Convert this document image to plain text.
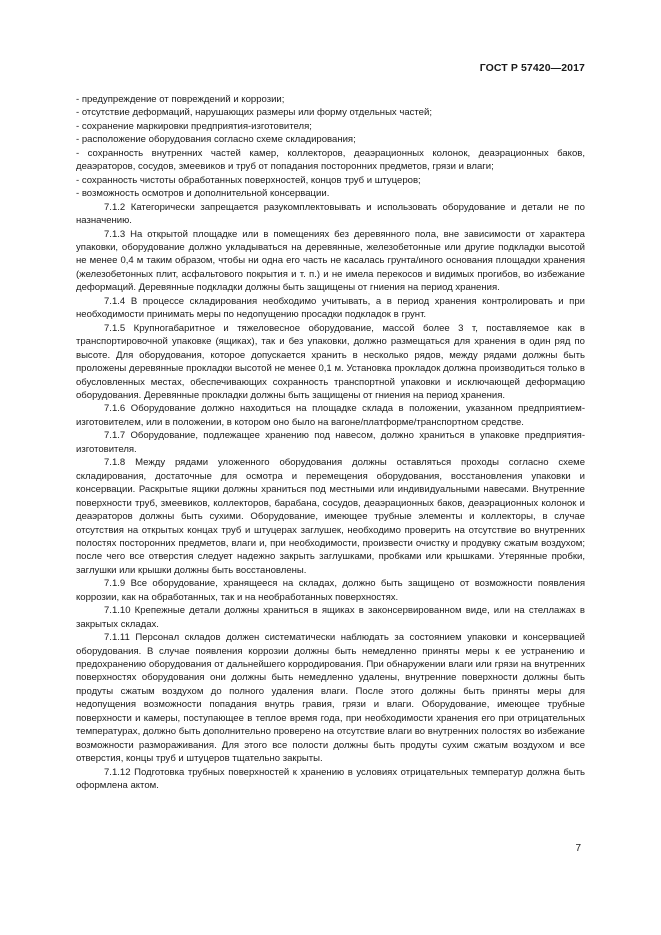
ГОСТ Р 57420—2017

- предупреждение от повреждений и коррозии;

- отсутствие деформаций, нарушающих размеры или форму отдельных частей;

- сохранение маркировки предприятия-изготовителя;

- расположение оборудования согласно схеме складирования;

- сохранность внутренних частей камер, коллекторов, деаэрационных колонок, деаэрационных баков, деаэраторов, сосудов, змеевиков и труб от попадания посторонних предметов, грязи и влаги;

- сохранность чистоты обработанных поверхностей, концов труб и штуцеров;

- возможность осмотров и дополнительной консервации.

7.1.2 Категорически запрещается разукомплектовывать и использовать оборудование и детали не по назначению.

7.1.3 На открытой площадке или в помещениях без деревянного пола, вне зависимости от характера упаковки, оборудование должно укладываться на деревянные, железобетонные или другие подкладки высотой не менее 0,4 м таким образом, чтобы ни одна его часть не касалась грунта/иного основания площадки хранения (железобетонных плит, асфальтового покрытия и т. п.) и не имела перекосов и видимых прогибов, во избежание деформаций. Деревянные подкладки должны быть защищены от гниения на период хранения.

7.1.4 В процессе складирования необходимо учитывать, а в период хранения контролировать и при необходимости принимать меры по недопущению просадки подкладок в грунт.

7.1.5 Крупногабаритное и тяжеловесное оборудование, массой более 3 т, поставляемое как в транспортировочной упаковке (ящиках), так и без упаковки, должно размещаться для хранения в один ряд по высоте. Для оборудования, которое допускается хранить в несколько рядов, между рядами должны быть проложены деревянные прокладки высотой не менее 0,1 м. Установка прокладок должна производиться только в обусловленных местах, обеспечивающих сохранность транспортной упаковки и исключающей деформацию оборудования. Деревянные прокладки должны быть защищены от гниения на период хранения.

7.1.6 Оборудование должно находиться на площадке склада в положении, указанном предприятием-изготовителем, или в положении, в котором оно было на вагоне/платформе/транспортном средстве.

7.1.7 Оборудование, подлежащее хранению под навесом, должно храниться в упаковке предприятия-изготовителя.

7.1.8 Между рядами уложенного оборудования должны оставляться проходы согласно схеме складирования, достаточные для осмотра и перемещения оборудования, восстановления упаковки и консервации. Раскрытые ящики должны храниться под местными или индивидуальными навесами. Внутренние поверхности труб, змеевиков, коллекторов, барабана, сосудов, деаэрационных баков, деаэрационных колонок и деаэраторов должны быть сухими. Оборудование, имеющее трубные элементы и коллекторы, в случае отсутствия на открытых концах труб и штуцерах заглушек, необходимо проверить на отсутствие во внутренних полостях посторонних предметов, влаги и, при необходимости, произвести очистку и продувку сжатым воздухом; после чего все отверстия следует надежно закрыть заглушками, пробками или крышками. Утерянные пробки, заглушки или крышки должны быть восстановлены.

7.1.9 Все оборудование, хранящееся на складах, должно быть защищено от возможности появления коррозии, как на обработанных, так и на необработанных поверхностях.

7.1.10 Крепежные детали должны храниться в ящиках в законсервированном виде, или на стеллажах в закрытых складах.

7.1.11 Персонал складов должен систематически наблюдать за состоянием упаковки и консервацией оборудования. В случае появления коррозии должны быть немедленно приняты меры к ее устранению и предохранению оборудования от дальнейшего корродирования. При обнаружении влаги или грязи на внутренних поверхностях оборудования они должны быть немедленно удалены, внутренние поверхности должны быть продуты сжатым воздухом до полного удаления влаги. После этого должны быть приняты меры для недопущения возможности попадания внутрь гравия, грязи и влаги. Оборудование, имеющее трубные поверхности и камеры, поступающее в теплое время года, при необходимости хранения его при отрицательных температурах, должно быть дополнительно проверено на отсутствие влаги во внутренних полостях во избежание возможности размораживания. Для этого все полости должны быть продуты сухим сжатым воздухом и все отверстия, концы труб и штуцеров тщательно закрыты.

7.1.12 Подготовка трубных поверхностей к хранению в условиях отрицательных температур должна быть оформлена актом.

7
